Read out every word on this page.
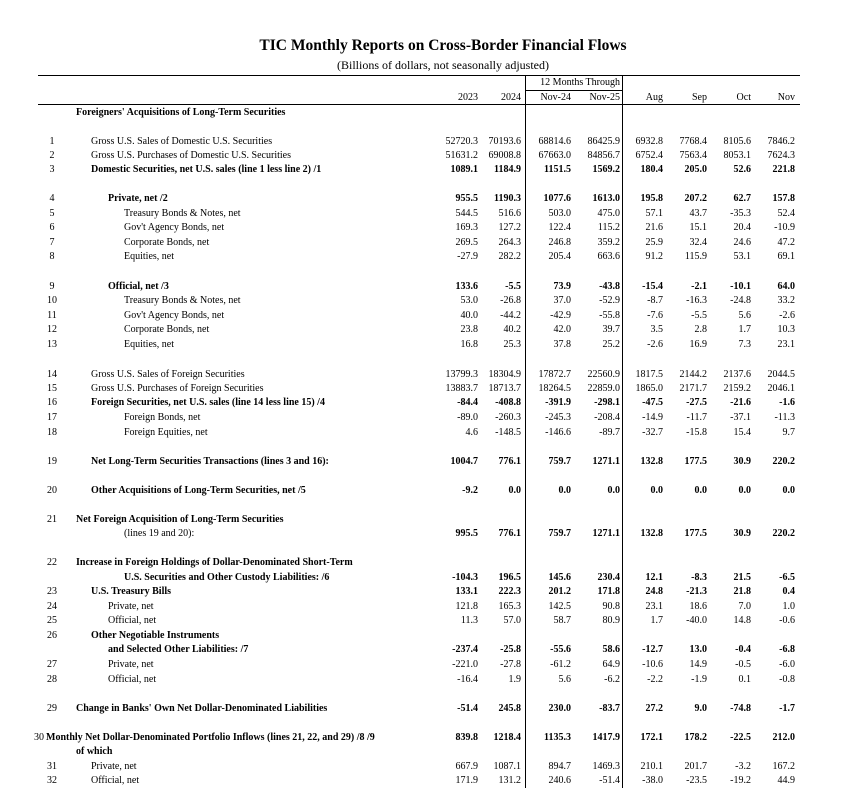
TIC Monthly Reports on Cross-Border Financial Flows
(Billions of dollars, not seasonally adjusted)
12 Months Through
2023	2024	Nov-24	Nov-25	Aug	Sep	Oct	Nov
Foreigners' Acquisitions of Long-Term Securities
1	Gross U.S. Sales of Domestic U.S. Securities	52720.3	70193.6	68814.6	86425.9	6932.8	7768.4	8105.6	7846.2
2	Gross U.S. Purchases of Domestic U.S. Securities	51631.2	69008.8	67663.0	84856.7	6752.4	7563.4	8053.1	7624.3
3	Domestic Securities, net U.S. sales (line 1 less line 2) /1	1089.1	1184.9	1151.5	1569.2	180.4	205.0	52.6	221.8
4	Private, net /2	955.5	1190.3	1077.6	1613.0	195.8	207.2	62.7	157.8
5	Treasury Bonds & Notes, net	544.5	516.6	503.0	475.0	57.1	43.7	-35.3	52.4
6	Gov't Agency Bonds, net	169.3	127.2	122.4	115.2	21.6	15.1	20.4	-10.9
7	Corporate Bonds, net	269.5	264.3	246.8	359.2	25.9	32.4	24.6	47.2
8	Equities, net	-27.9	282.2	205.4	663.6	91.2	115.9	53.1	69.1
9	Official, net /3	133.6	-5.5	73.9	-43.8	-15.4	-2.1	-10.1	64.0
10	Treasury Bonds & Notes, net	53.0	-26.8	37.0	-52.9	-8.7	-16.3	-24.8	33.2
11	Gov't Agency Bonds, net	40.0	-44.2	-42.9	-55.8	-7.6	-5.5	5.6	-2.6
12	Corporate Bonds, net	23.8	40.2	42.0	39.7	3.5	2.8	1.7	10.3
13	Equities, net	16.8	25.3	37.8	25.2	-2.6	16.9	7.3	23.1
14	Gross U.S. Sales of Foreign Securities	13799.3	18304.9	17872.7	22560.9	1817.5	2144.2	2137.6	2044.5
15	Gross U.S. Purchases of Foreign Securities	13883.7	18713.7	18264.5	22859.0	1865.0	2171.7	2159.2	2046.1
16	Foreign Securities, net U.S. sales (line 14 less line 15) /4	-84.4	-408.8	-391.9	-298.1	-47.5	-27.5	-21.6	-1.6
17	Foreign Bonds, net	-89.0	-260.3	-245.3	-208.4	-14.9	-11.7	-37.1	-11.3
18	Foreign Equities, net	4.6	-148.5	-146.6	-89.7	-32.7	-15.8	15.4	9.7
19	Net Long-Term Securities Transactions (lines 3 and 16):	1004.7	776.1	759.7	1271.1	132.8	177.5	30.9	220.2
20	Other Acquisitions of Long-Term Securities, net /5	-9.2	0.0	0.0	0.0	0.0	0.0	0.0	0.0
21	Net Foreign Acquisition of Long-Term Securities
(lines 19 and 20):	995.5	776.1	759.7	1271.1	132.8	177.5	30.9	220.2
22	Increase in Foreign Holdings of Dollar-Denominated Short-Term
U.S. Securities and Other Custody Liabilities: /6	-104.3	196.5	145.6	230.4	12.1	-8.3	21.5	-6.5
23	U.S. Treasury Bills	133.1	222.3	201.2	171.8	24.8	-21.3	21.8	0.4
24	Private, net	121.8	165.3	142.5	90.8	23.1	18.6	7.0	1.0
25	Official, net	11.3	57.0	58.7	80.9	1.7	-40.0	14.8	-0.6
26	Other Negotiable Instruments
and Selected Other Liabilities: /7	-237.4	-25.8	-55.6	58.6	-12.7	13.0	-0.4	-6.8
27	Private, net	-221.0	-27.8	-61.2	64.9	-10.6	14.9	-0.5	-6.0
28	Official, net	-16.4	1.9	5.6	-6.2	-2.2	-1.9	0.1	-0.8
29	Change in Banks' Own Net Dollar-Denominated Liabilities	-51.4	245.8	230.0	-83.7	27.2	9.0	-74.8	-1.7
30 Monthly Net Dollar-Denominated Portfolio Inflows (lines 21, 22, and 29) /8 /9	839.8	1218.4	1135.3	1417.9	172.1	178.2	-22.5	212.0
of which
31	Private, net	667.9	1087.1	894.7	1469.3	210.1	201.7	-3.2	167.2
32	Official, net	171.9	131.2	240.6	-51.4	-38.0	-23.5	-19.2	44.9
